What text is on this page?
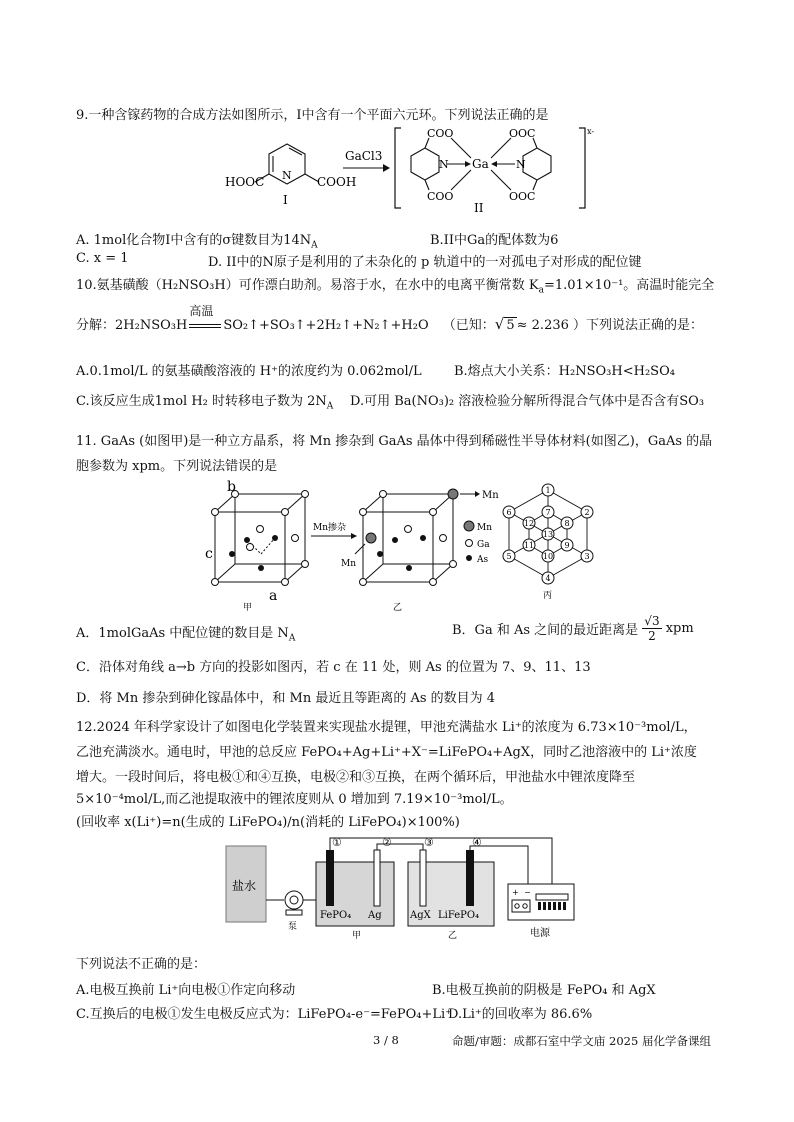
9.一种含镓药物的合成方法如图所示，I中含有一个平面六元环。下列说法正确的是
N
HOOC	COOH
I
GaCl3
x-
N	N
Ga
COO
COO
OOC
OOC
II
A. 1mol化合物I中含有的σ键数目为$14N_A$	B.II中Ga的配体数为6
C. x = 1	D. II中的N原子是利用的了未杂化的 p 轨道中的一对孤电子对形成的配位键
10.氨基磺酸（H₂NSO₃H）可作漂白助剂。易溶于水，在水中的电离平衡常数 $K_a=1.01\times 10^{-1}$。高温时能完全
分解：2H₂NSO₃H
高温
SO₂↑+SO₃↑+2H₂↑+N₂↑+H₂O （已知：√ 5 ≈ 2.236 ）下列说法正确的是：
A.0.1mol/L 的氨基磺酸溶液的 H⁺的浓度约为 0.062mol/L B.熔点大小关系：H₂NSO₃H<H₂SO₄
C.该反应生成1mol H₂ 时转移电子数为 $2N_A$ D.可用 Ba(NO₃)₂ 溶液检验分解所得混合气体中是否含有SO₃
11. GaAs (如图甲)是一种立方晶系，将 Mn 掺杂到 GaAs 晶体中得到稀磁性半导体材料(如图乙)，GaAs 的晶
胞参数为 xpm。下列说法错误的是
b
c
a
甲
Mn掺杂
Mn
Mn
乙
Mn
Ga
As
1
2
3
4
5
6	7
8
9
10
11
12
13
丙
A．1molGaAs 中配位键的数目是 $N_A$
B．Ga 和 As 之间的最近距离是 $\frac{√3}{2}$ xpm
C．沿体对角线 a→b 方向的投影如图丙，若 c 在 11 处，则 As 的位置为 7、9、11、13
D．将 Mn 掺杂到砷化镓晶体中，和 Mn 最近且等距离的 As 的数目为 4
12.2024 年科学家设计了如图电化学装置来实现盐水提锂，甲池充满盐水 Li⁺的浓度为 6.73×10⁻³mol/L，
乙池充满淡水。通电时，甲池的总反应 FePO₄+Ag+Li⁺+X⁻=LiFePO₄+AgX，同时乙池溶液中的 Li⁺浓度
增大。一段时间后，将电极①和④互换，电极②和③互换，在两个循环后，甲池盐水中锂浓度降至
5×10⁻⁴mol/L,而乙池提取液中的锂浓度则从 0 增加到 7.19×10⁻³mol/L。
(回收率 x(Li⁺)=n(生成的 LiFePO₄)/n(消耗的 LiFePO₄)×100%)
盐水
泵
①	②
FePO₄ Ag
甲
③	④
AgX LiFePO₄
乙
+ −
电源
下列说法不正确的是：
A.电极互换前 Li⁺向电极①作定向移动	B.电极互换前的阴极是 FePO₄ 和 AgX
C.互换后的电极①发生电极反应式为：LiFePO₄-e⁻=FePO₄+Li⁺
D.Li⁺的回收率为 86.6%
3 / 8	命题/审题：成都石室中学文庙 2025 届化学备课组
